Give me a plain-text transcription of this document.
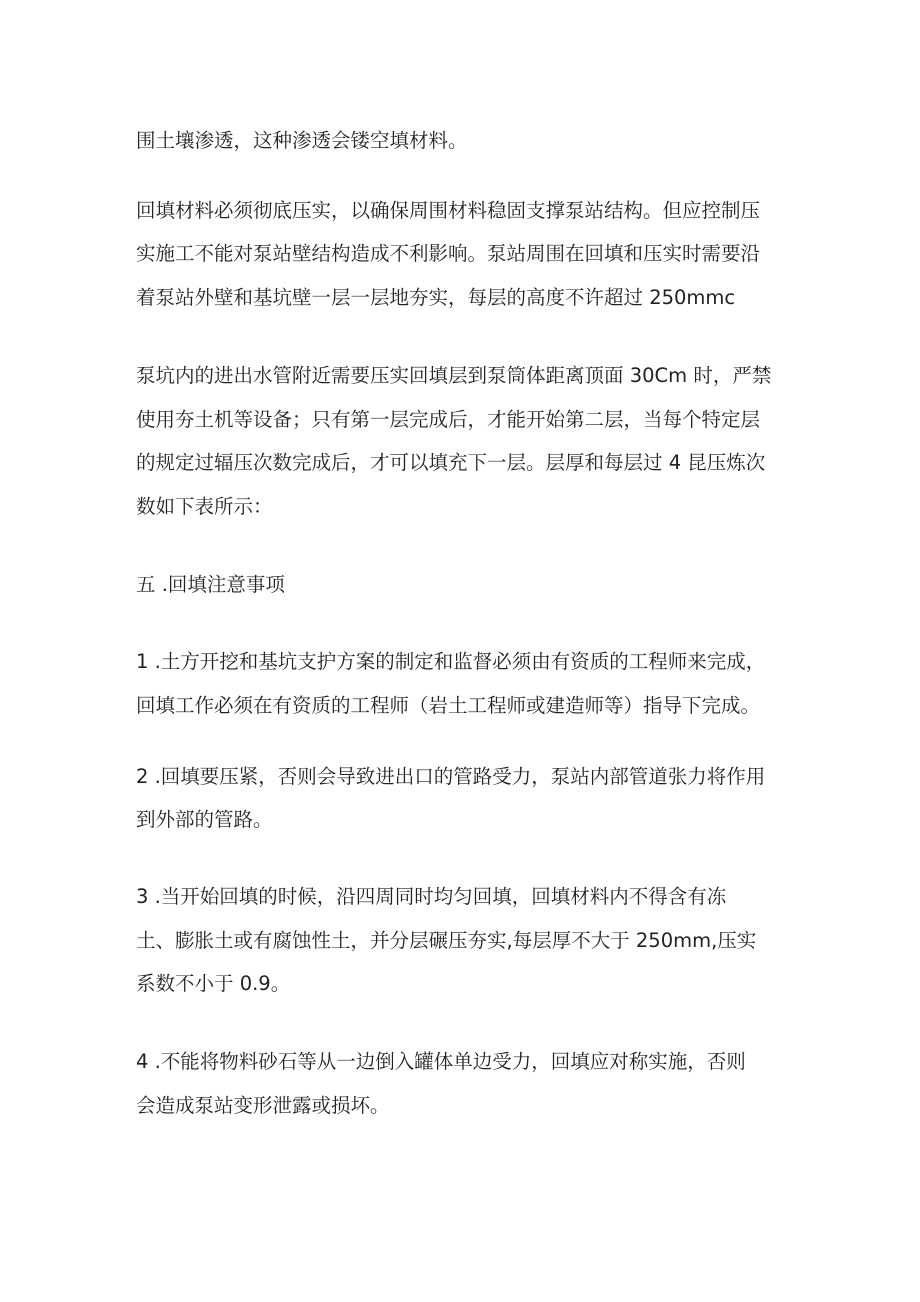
围土壤渗透，这种渗透会镂空填材料。
回填材料必须彻底压实，以确保周围材料稳固支撑泵站结构。但应控制压
实施工不能对泵站壁结构造成不利影响。泵站周围在回填和压实时需要沿
着泵站外壁和基坑壁一层一层地夯实，每层的高度不许超过 250mmc
泵坑内的进出水管附近需要压实回填层到泵筒体距离顶面 30Cm 时，严禁
使用夯土机等设备；只有第一层完成后，才能开始第二层，当每个特定层
的规定过辐压次数完成后，才可以填充下一层。层厚和每层过 4 昆压炼次
数如下表所示：
五 .回填注意事项
1 .土方开挖和基坑支护方案的制定和监督必须由有资质的工程师来完成，
回填工作必须在有资质的工程师（岩土工程师或建造师等）指导下完成。
2 .回填要压紧，否则会导致进出口的管路受力，泵站内部管道张力将作用
到外部的管路。
3 .当开始回填的时候，沿四周同时均匀回填，回填材料内不得含有冻
土、膨胀土或有腐蚀性土，并分层碾压夯实,每层厚不大于 250mm,压实
系数不小于 0.9。
4 .不能将物料砂石等从一边倒入罐体单边受力，回填应对称实施，否则
会造成泵站变形泄露或损坏。
